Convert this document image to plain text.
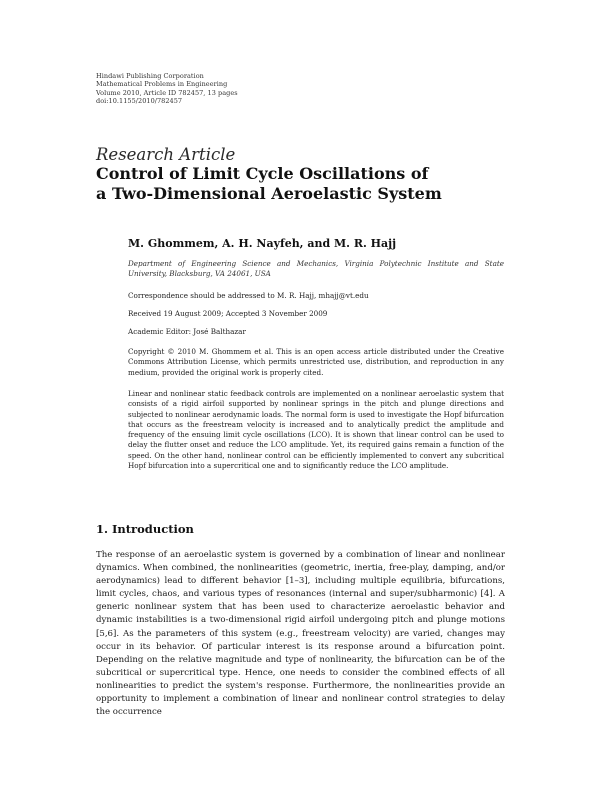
Hindawi Publishing Corporation
Mathematical Problems in Engineering
Volume 2010, Article ID 782457, 13 pages
doi:10.1155/2010/782457
Research Article
Control of Limit Cycle Oscillations of
a Two-Dimensional Aeroelastic System
M. Ghommem, A. H. Nayfeh, and M. R. Hajj
Department of Engineering Science and Mechanics, Virginia Polytechnic Institute and State University, Blacksburg, VA 24061, USA
Correspondence should be addressed to M. R. Hajj, mhajj@vt.edu
Received 19 August 2009; Accepted 3 November 2009
Academic Editor: José Balthazar
Copyright © 2010 M. Ghommem et al. This is an open access article distributed under the Creative Commons Attribution License, which permits unrestricted use, distribution, and reproduction in any medium, provided the original work is properly cited.
Linear and nonlinear static feedback controls are implemented on a nonlinear aeroelastic system that consists of a rigid airfoil supported by nonlinear springs in the pitch and plunge directions and subjected to nonlinear aerodynamic loads. The normal form is used to investigate the Hopf bifurcation that occurs as the freestream velocity is increased and to analytically predict the amplitude and frequency of the ensuing limit cycle oscillations (LCO). It is shown that linear control can be used to delay the flutter onset and reduce the LCO amplitude. Yet, its required gains remain a function of the speed. On the other hand, nonlinear control can be efficiently implemented to convert any subcritical Hopf bifurcation into a supercritical one and to significantly reduce the LCO amplitude.
1. Introduction
The response of an aeroelastic system is governed by a combination of linear and nonlinear dynamics. When combined, the nonlinearities (geometric, inertia, free-play, damping, and/or aerodynamics) lead to different behavior [1–3], including multiple equilibria, bifurcations, limit cycles, chaos, and various types of resonances (internal and super/subharmonic) [4]. A generic nonlinear system that has been used to characterize aeroelastic behavior and dynamic instabilities is a two-dimensional rigid airfoil undergoing pitch and plunge motions [5,6]. As the parameters of this system (e.g., freestream velocity) are varied, changes may occur in its behavior. Of particular interest is its response around a bifurcation point. Depending on the relative magnitude and type of nonlinearity, the bifurcation can be of the subcritical or supercritical type. Hence, one needs to consider the combined effects of all nonlinearities to predict the system's response. Furthermore, the nonlinearities provide an opportunity to implement a combination of linear and nonlinear control strategies to delay the occurrence
